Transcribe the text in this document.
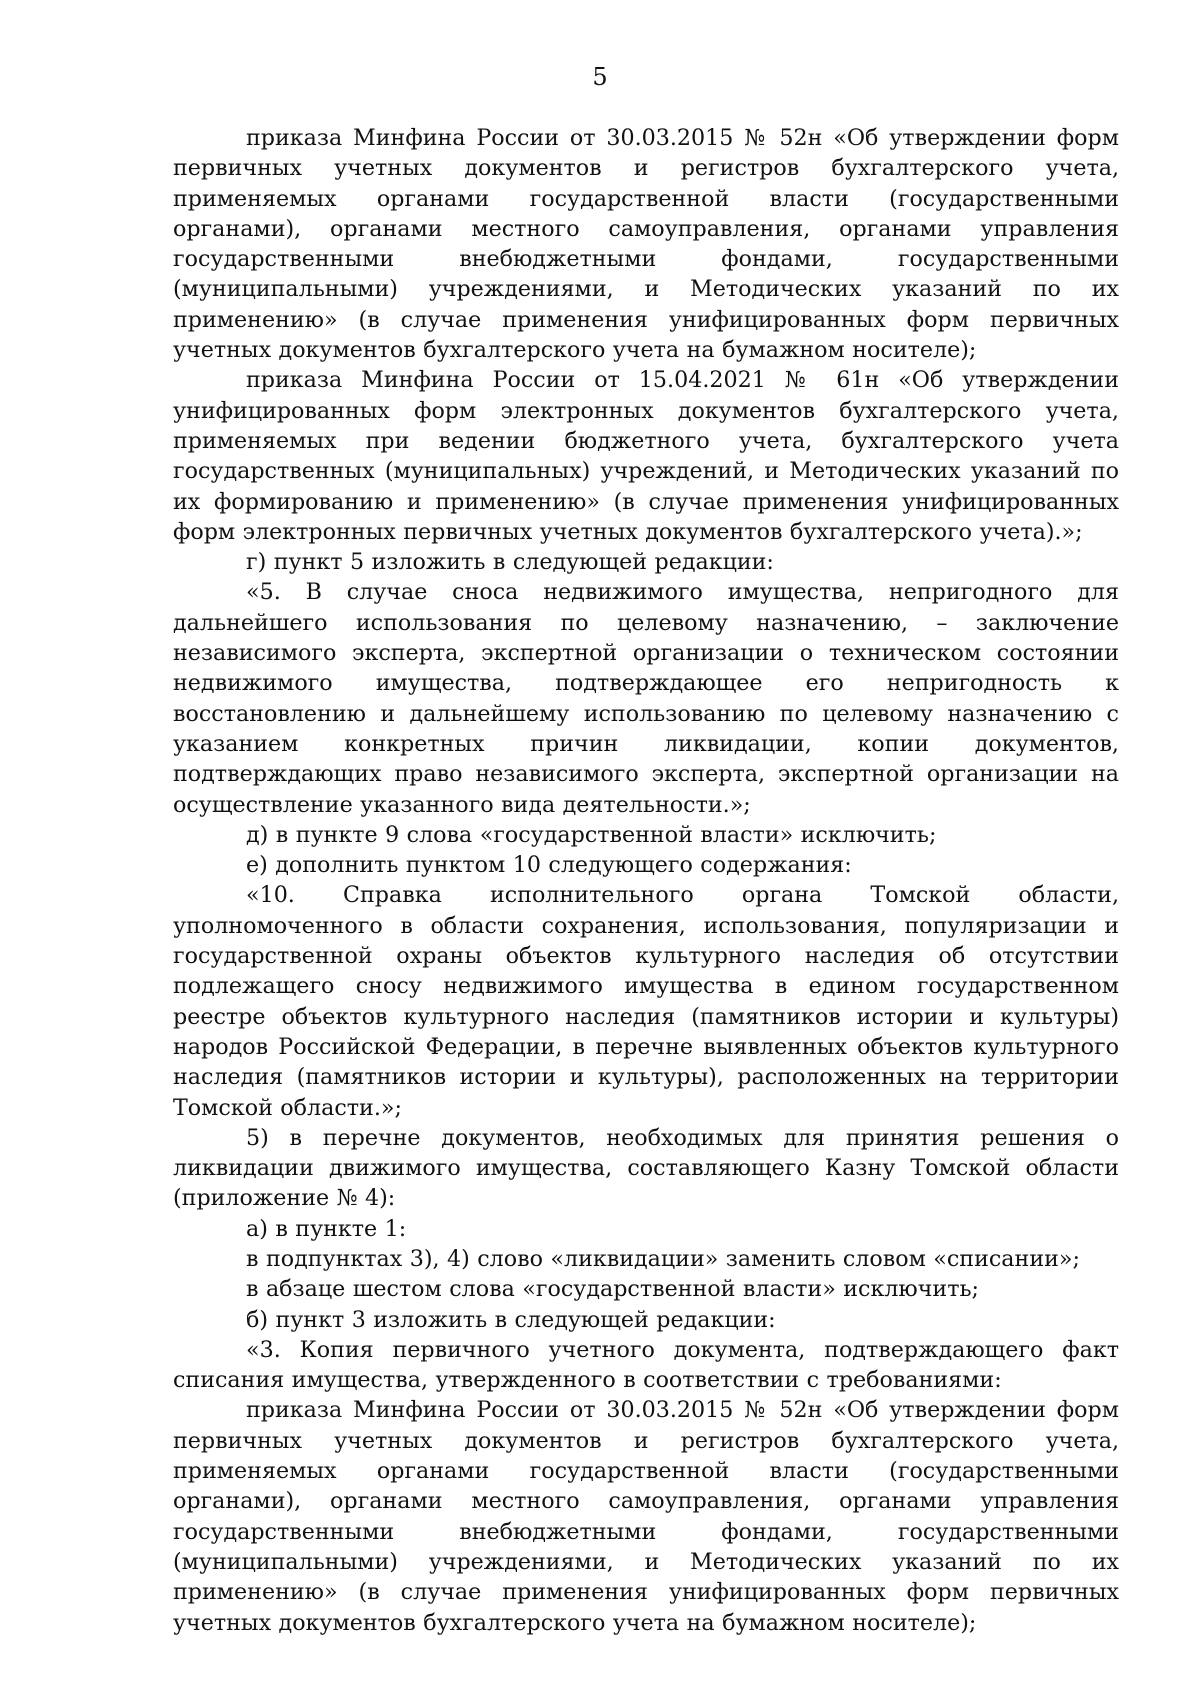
5

приказа Минфина России от 30.03.2015 № 52н «Об утверждении форм первичных учетных документов и регистров бухгалтерского учета, применяемых органами государственной власти (государственными органами), органами местного самоуправления, органами управления государственными внебюджетными фондами, государственными (муниципальными) учреждениями, и Методических указаний по их применению» (в случае применения унифицированных форм первичных учетных документов бухгалтерского учета на бумажном носителе);

приказа Минфина России от 15.04.2021 № 61н «Об утверждении унифицированных форм электронных документов бухгалтерского учета, применяемых при ведении бюджетного учета, бухгалтерского учета государственных (муниципальных) учреждений, и Методических указаний по их формированию и применению» (в случае применения унифицированных форм электронных первичных учетных документов бухгалтерского учета).»;

г) пункт 5 изложить в следующей редакции:

«5. В случае сноса недвижимого имущества, непригодного для дальнейшего использования по целевому назначению, – заключение независимого эксперта, экспертной организации о техническом состоянии недвижимого имущества, подтверждающее его непригодность к восстановлению и дальнейшему использованию по целевому назначению с указанием конкретных причин ликвидации, копии документов, подтверждающих право независимого эксперта, экспертной организации на осуществление указанного вида деятельности.»;

д) в пункте 9 слова «государственной власти» исключить;

е) дополнить пунктом 10 следующего содержания:

«10. Справка исполнительного органа Томской области, уполномоченного в области сохранения, использования, популяризации и государственной охраны объектов культурного наследия об отсутствии подлежащего сносу недвижимого имущества в едином государственном реестре объектов культурного наследия (памятников истории и культуры) народов Российской Федерации, в перечне выявленных объектов культурного наследия (памятников истории и культуры), расположенных на территории Томской области.»;

5) в перечне документов, необходимых для принятия решения о ликвидации движимого имущества, составляющего Казну Томской области (приложение № 4):

а) в пункте 1:

в подпунктах 3), 4) слово «ликвидации» заменить словом «списании»;

в абзаце шестом слова «государственной власти» исключить;

б) пункт 3 изложить в следующей редакции:

«3. Копия первичного учетного документа, подтверждающего факт списания имущества, утвержденного в соответствии с требованиями:

приказа Минфина России от 30.03.2015 № 52н «Об утверждении форм первичных учетных документов и регистров бухгалтерского учета, применяемых органами государственной власти (государственными органами), органами местного самоуправления, органами управления государственными внебюджетными фондами, государственными (муниципальными) учреждениями, и Методических указаний по их применению» (в случае применения унифицированных форм первичных учетных документов бухгалтерского учета на бумажном носителе);
